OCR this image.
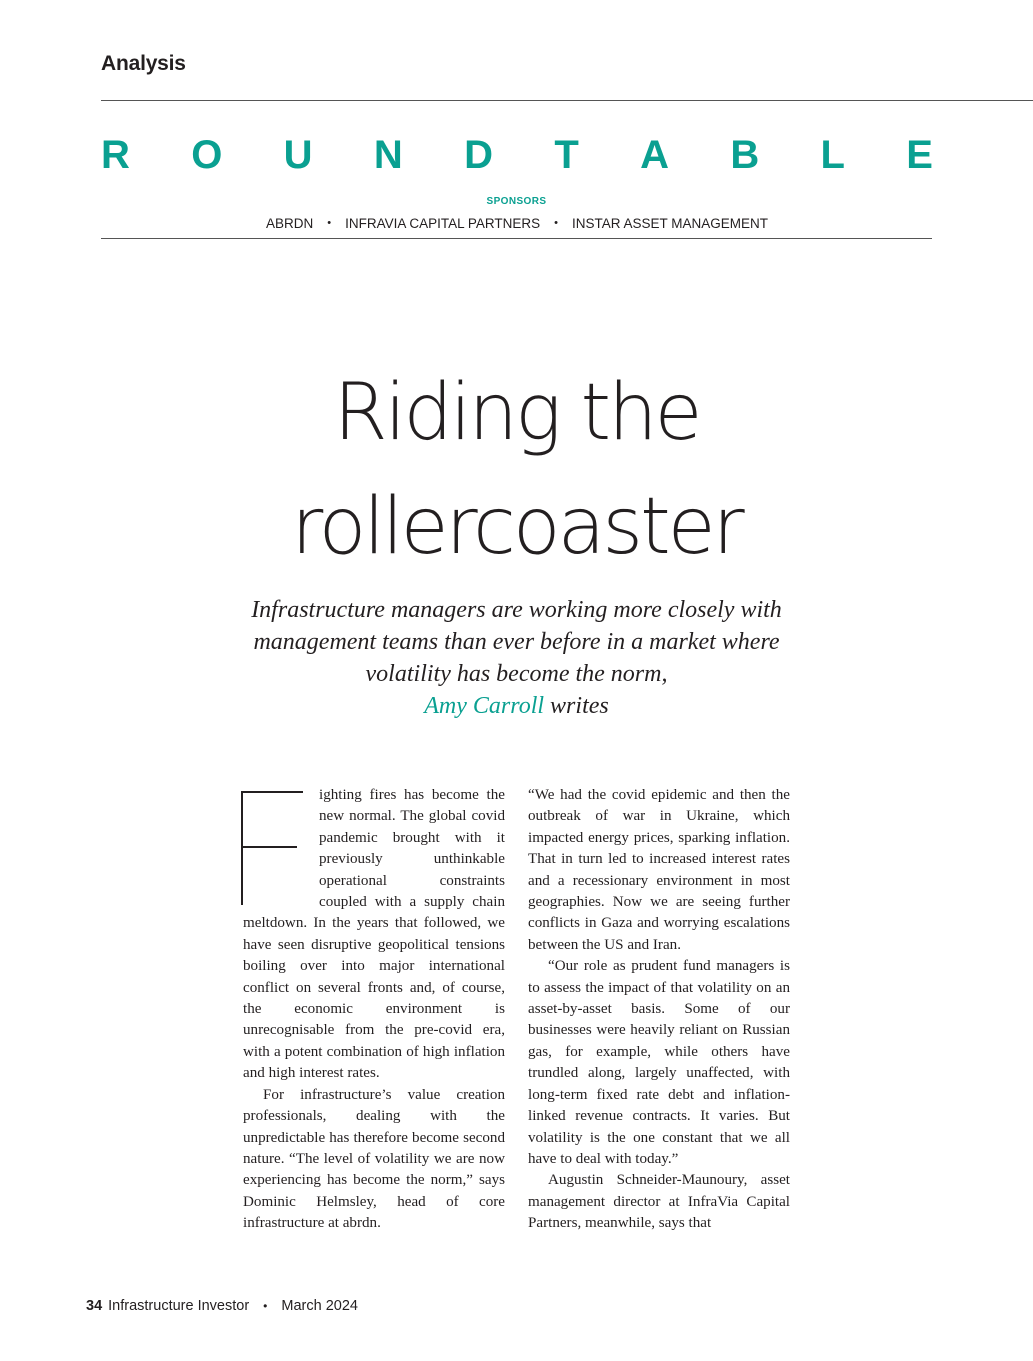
Analysis
R O U N D T A B L E
SPONSORS
ABRDN • INFRAVIA CAPITAL PARTNERS • INSTAR ASSET MANAGEMENT
Riding the
rollercoaster
Infrastructure managers are working more closely with management teams than ever before in a market where volatility has become the norm,
Amy Carroll writes
F

ighting fires has become the new normal. The global covid pandemic brought with it previously unthinkable operational constraints coupled with a supply chain meltdown. In the years that followed, we have seen disruptive geopolitical tensions boiling over into major international conflict on several fronts and, of course, the economic environment is unrecognisable from the pre-covid era, with a potent combination of high inflation and high interest rates.

For infrastructure’s value creation professionals, dealing with the unpredictable has therefore become second nature. “The level of volatility we are now experiencing has become the norm,” says Dominic Helmsley, head of core infrastructure at abrdn.

“We had the covid epidemic and then the outbreak of war in Ukraine, which impacted energy prices, sparking inflation. That in turn led to increased interest rates and a recessionary environment in most geographies. Now we are seeing further conflicts in Gaza and worrying escalations between the US and Iran.

“Our role as prudent fund managers is to assess the impact of that volatility on an asset-by-asset basis. Some of our businesses were heavily reliant on Russian gas, for example, while others have trundled along, largely unaffected, with long-term fixed rate debt and inflation-linked revenue contracts. It varies. But volatility is the one constant that we all have to deal with today.”

Augustin Schneider-Maunoury, asset management director at InfraVia Capital Partners, meanwhile, says that

34 Infrastructure Investor • March 2024
